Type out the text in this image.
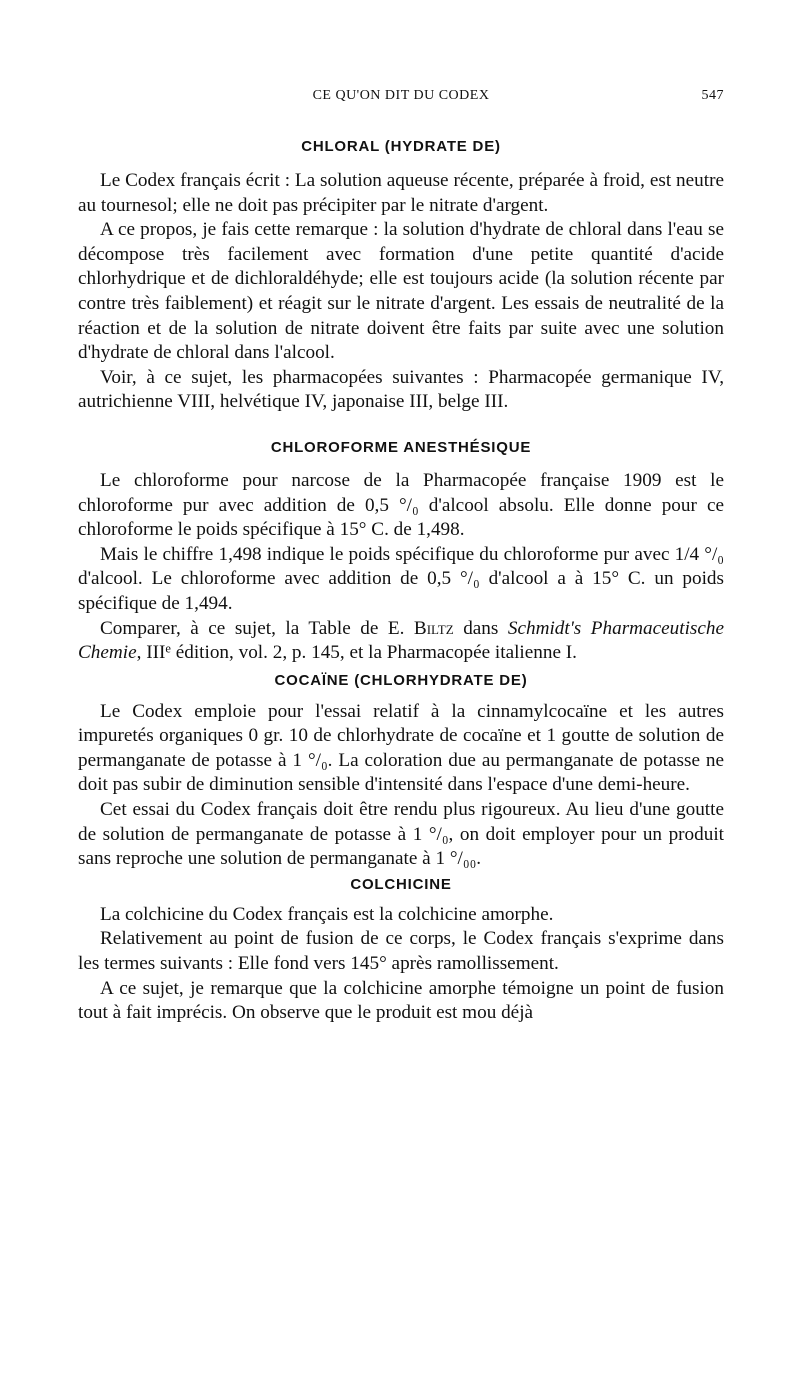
CE QU'ON DIT DU CODEX	547
CHLORAL (HYDRATE DE)

Le Codex français écrit : La solution aqueuse récente, préparée à froid, est neutre au tournesol; elle ne doit pas précipiter par le nitrate d'argent.

A ce propos, je fais cette remarque : la solution d'hydrate de chloral dans l'eau se décompose très facilement avec formation d'une petite quantité d'acide chlorhydrique et de dichloraldéhyde; elle est toujours acide (la solution récente par contre très faiblement) et réagit sur le nitrate d'argent. Les essais de neutralité de la réaction et de la solution de nitrate doivent être faits par suite avec une solution d'hydrate de chloral dans l'alcool.

Voir, à ce sujet, les pharmacopées suivantes : Pharmacopée germanique IV, autrichienne VIII, helvétique IV, japonaise III, belge III.

CHLOROFORME ANESTHÉSIQUE

Le chloroforme pour narcose de la Pharmacopée française 1909 est le chloroforme pur avec addition de 0,5 °/₀ d'alcool absolu. Elle donne pour ce chloroforme le poids spécifique à 15° C. de 1,498.

Mais le chiffre 1,498 indique le poids spécifique du chloroforme pur avec 1/4 °/₀ d'alcool. Le chloroforme avec addition de 0,5 °/₀ d'alcool a à 15° C. un poids spécifique de 1,494.

Comparer, à ce sujet, la Table de E. Biltz dans Schmidt's Pharmaceutische Chemie, IIIe édition, vol. 2, p. 145, et la Pharmacopée italienne I.

COCAÏNE (CHLORHYDRATE DE)

Le Codex emploie pour l'essai relatif à la cinnamylcocaïne et les autres impuretés organiques 0 gr. 10 de chlorhydrate de cocaïne et 1 goutte de solution de permanganate de potasse à 1 °/₀. La coloration due au permanganate de potasse ne doit pas subir de diminution sensible d'intensité dans l'espace d'une demi-heure.

Cet essai du Codex français doit être rendu plus rigoureux. Au lieu d'une goutte de solution de permanganate de potasse à 1 °/₀, on doit employer pour un produit sans reproche une solution de permanganate à 1 °/₀₀.

COLCHICINE

La colchicine du Codex français est la colchicine amorphe.

Relativement au point de fusion de ce corps, le Codex français s'exprime dans les termes suivants : Elle fond vers 145° après ramollissement.

A ce sujet, je remarque que la colchicine amorphe témoigne un point de fusion tout à fait imprécis. On observe que le produit est mou déjà
